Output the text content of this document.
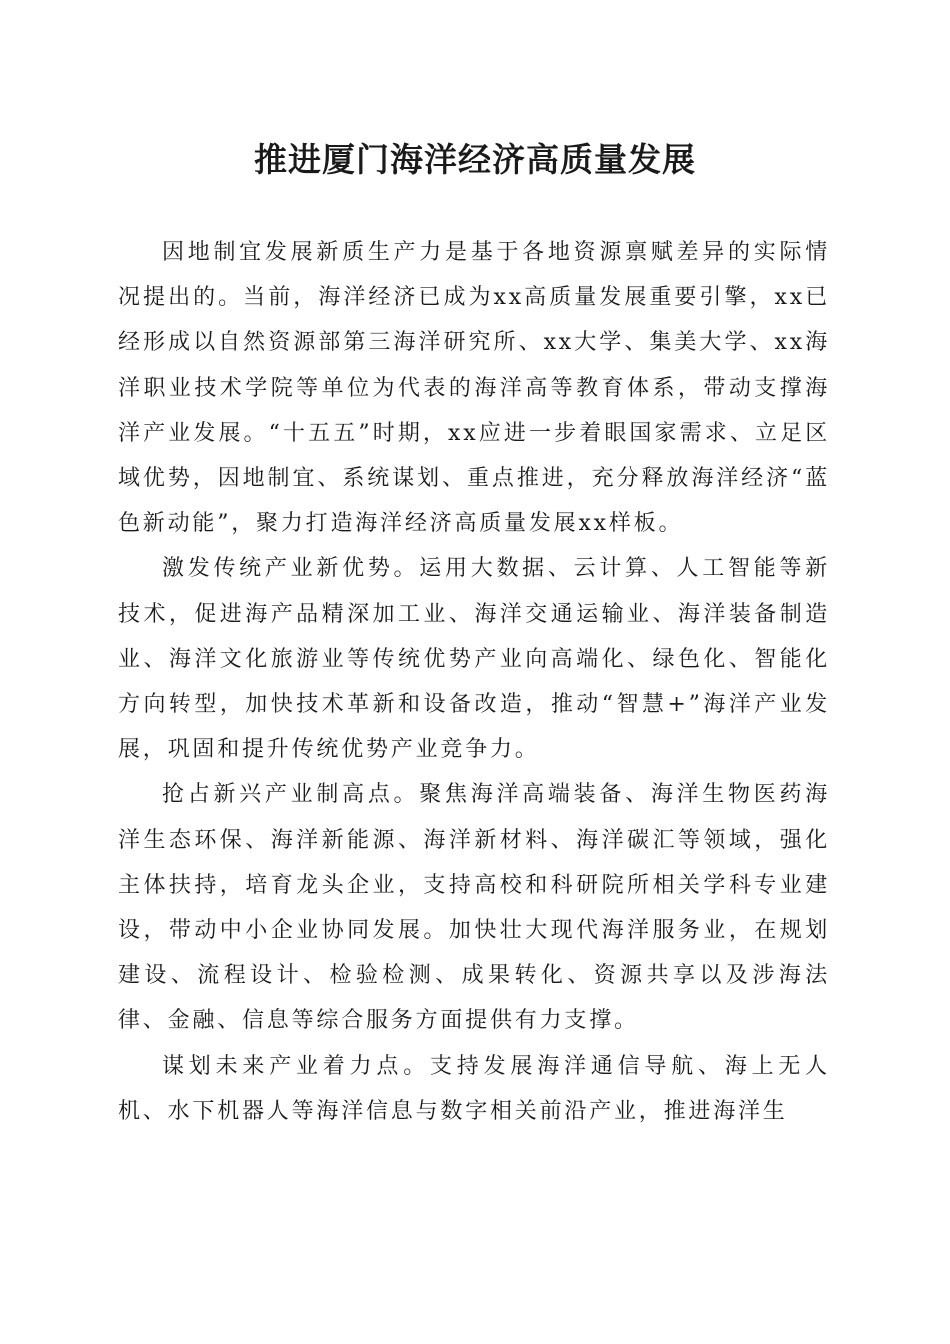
推进厦门海洋经济高质量发展

因地制宜发展新质生产力是基于各地资源禀赋差异的实际情况提出的。当前，海洋经济已成为xx高质量发展重要引擎，xx已经形成以自然资源部第三海洋研究所、xx大学、集美大学、xx海洋职业技术学院等单位为代表的海洋高等教育体系，带动支撑海洋产业发展。“十五五”时期，xx应进一步着眼国家需求、立足区域优势，因地制宜、系统谋划、重点推进，充分释放海洋经济“蓝色新动能”，聚力打造海洋经济高质量发展xx样板。

激发传统产业新优势。运用大数据、云计算、人工智能等新技术，促进海产品精深加工业、海洋交通运输业、海洋装备制造业、海洋文化旅游业等传统优势产业向高端化、绿色化、智能化方向转型，加快技术革新和设备改造，推动“智慧+”海洋产业发展，巩固和提升传统优势产业竞争力。

抢占新兴产业制高点。聚焦海洋高端装备、海洋生物医药海洋生态环保、海洋新能源、海洋新材料、海洋碳汇等领域，强化主体扶持，培育龙头企业，支持高校和科研院所相关学科专业建设，带动中小企业协同发展。加快壮大现代海洋服务业，在规划建设、流程设计、检验检测、成果转化、资源共享以及涉海法律、金融、信息等综合服务方面提供有力支撑。

谋划未来产业着力点。支持发展海洋通信导航、海上无人机、水下机器人等海洋信息与数字相关前沿产业，推进海洋生
